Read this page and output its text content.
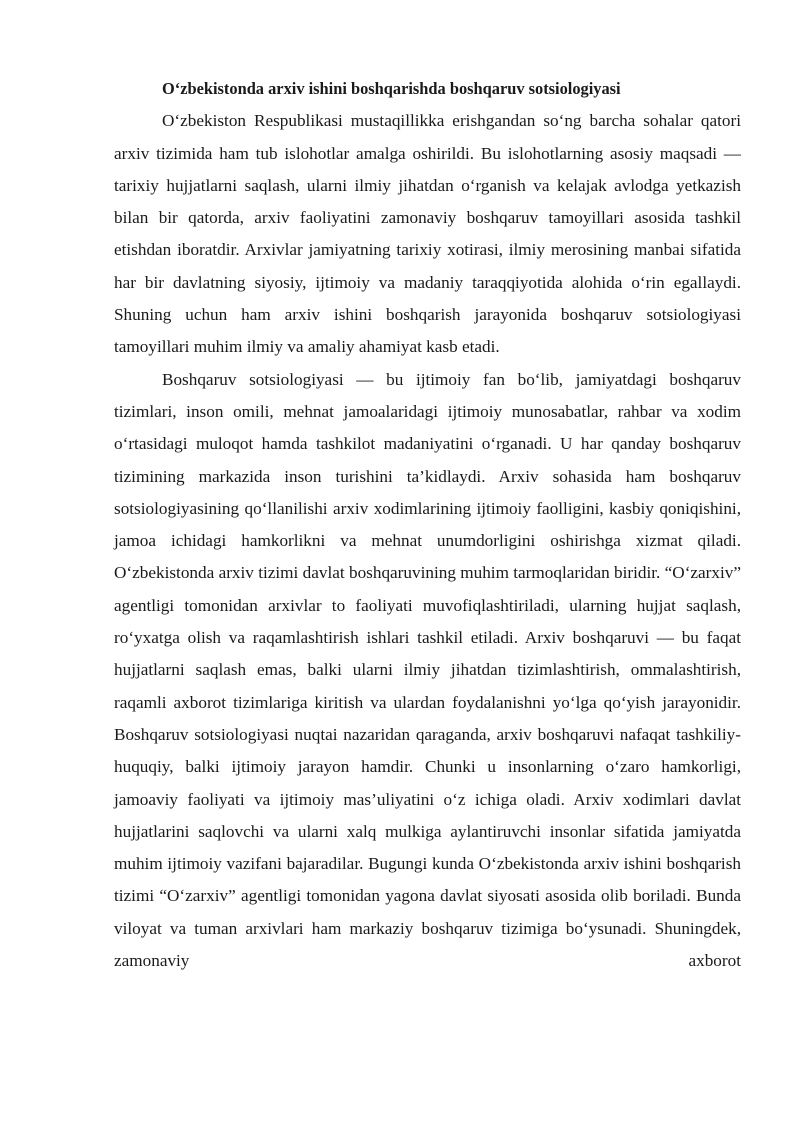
O‘zbekistonda arxiv ishini boshqarishda boshqaruv sotsiologiyasi

O‘zbekiston Respublikasi mustaqillikka erishgandan so‘ng barcha sohalar qatori arxiv tizimida ham tub islohotlar amalga oshirildi. Bu islohotlarning asosiy maqsadi — tarixiy hujjatlarni saqlash, ularni ilmiy jihatdan o‘rganish va kelajak avlodga yetkazish bilan bir qatorda, arxiv faoliyatini zamonaviy boshqaruv tamoyillari asosida tashkil etishdan iboratdir. Arxivlar jamiyatning tarixiy xotirasi, ilmiy merosining manbai sifatida har bir davlatning siyosiy, ijtimoiy va madaniy taraqqiyotida alohida o‘rin egallaydi. Shuning uchun ham arxiv ishini boshqarish jarayonida boshqaruv sotsiologiyasi tamoyillari muhim ilmiy va amaliy ahamiyat kasb etadi.

Boshqaruv sotsiologiyasi — bu ijtimoiy fan bo‘lib, jamiyatdagi boshqaruv tizimlari, inson omili, mehnat jamoalaridagi ijtimoiy munosabatlar, rahbar va xodim o‘rtasidagi muloqot hamda tashkilot madaniyatini o‘rganadi. U har qanday boshqaruv tizimining markazida inson turishini ta’kidlaydi. Arxiv sohasida ham boshqaruv sotsiologiyasining qo‘llanilishi arxiv xodimlarining ijtimoiy faolligini, kasbiy qoniqishini, jamoa ichidagi hamkorlikni va mehnat unumdorligini oshirishga xizmat qiladi. O‘zbekistonda arxiv tizimi davlat boshqaruvining muhim tarmoqlaridan biridir. “O‘zarxiv” agentligi tomonidan arxivlar to faoliyati muvofiqlashtiriladi, ularning hujjat saqlash, ro‘yxatga olish va raqamlashtirish ishlari tashkil etiladi. Arxiv boshqaruvi — bu faqat hujjatlarni saqlash emas, balki ularni ilmiy jihatdan tizimlashtirish, ommalashtirish, raqamli axborot tizimlariga kiritish va ulardan foydalanishni yo‘lga qo‘yish jarayonidir. Boshqaruv sotsiologiyasi nuqtai nazaridan qaraganda, arxiv boshqaruvi nafaqat tashkiliy-huquqiy, balki ijtimoiy jarayon hamdir. Chunki u insonlarning o‘zaro hamkorligi, jamoaviy faoliyati va ijtimoiy mas’uliyatini o‘z ichiga oladi. Arxiv xodimlari davlat hujjatlarini saqlovchi va ularni xalq mulkiga aylantiruvchi insonlar sifatida jamiyatda muhim ijtimoiy vazifani bajaradilar. Bugungi kunda O‘zbekistonda arxiv ishini boshqarish tizimi “O‘zarxiv” agentligi tomonidan yagona davlat siyosati asosida olib boriladi. Bunda viloyat va tuman arxivlari ham markaziy boshqaruv tizimiga bo‘ysunadi. Shuningdek, zamonaviy axborot
